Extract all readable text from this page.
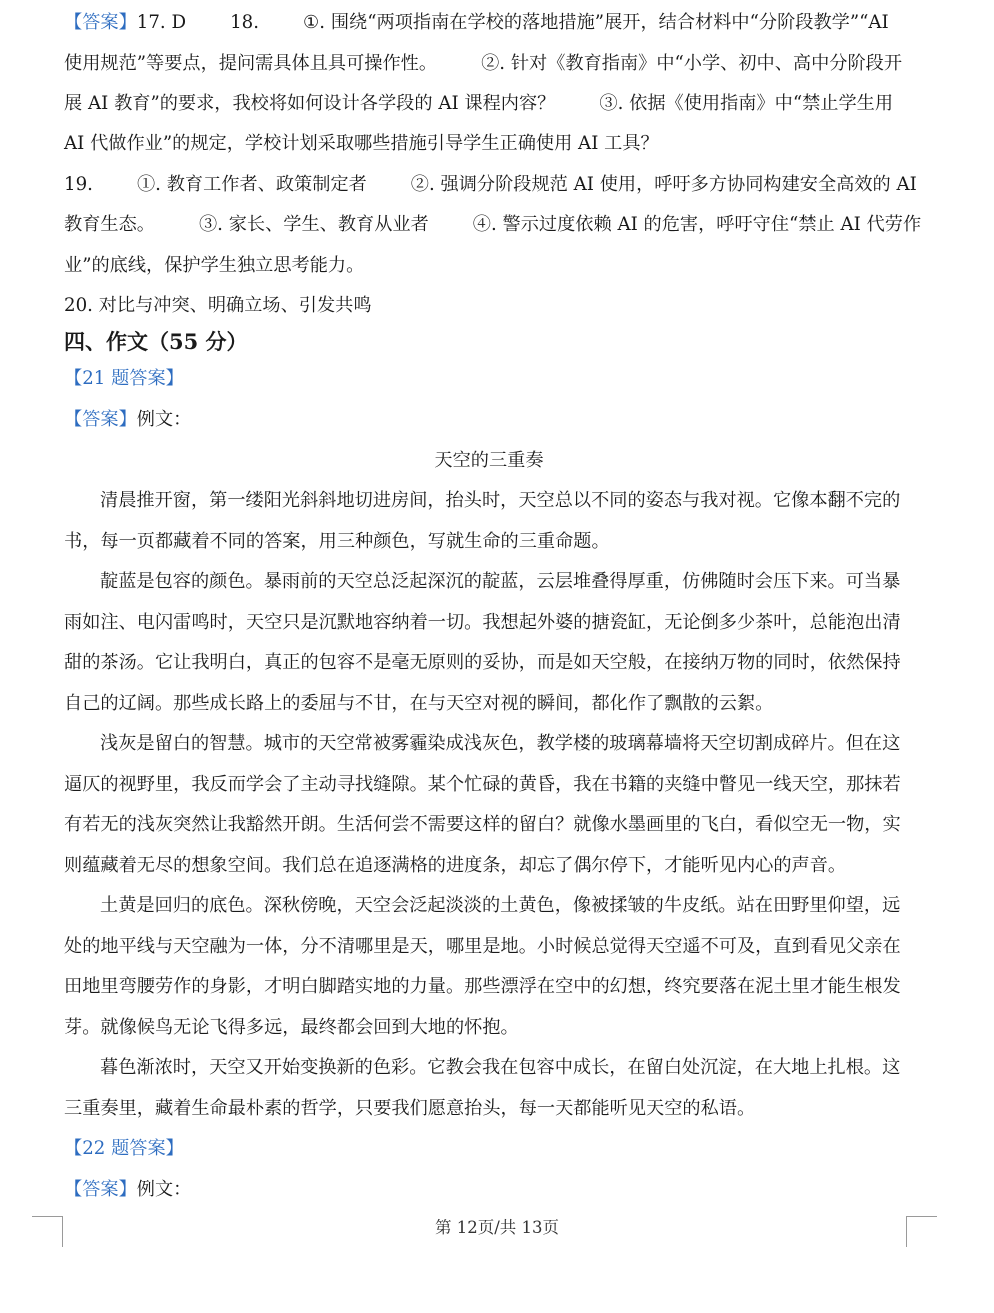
【答案】17. D 18. ①. 围绕“两项指南在学校的落地措施”展开，结合材料中“分阶段教学”“AI
使用规范”等要点，提问需具体且具可操作性。 ②. 针对《教育指南》中“小学、初中、高中分阶段开
展 AI 教育”的要求，我校将如何设计各学段的 AI 课程内容？ ③. 依据《使用指南》中“禁止学生用
AI 代做作业”的规定，学校计划采取哪些措施引导学生正确使用 AI 工具？
19. ①. 教育工作者、政策制定者 ②. 强调分阶段规范 AI 使用，呼吁多方协同构建安全高效的 AI
教育生态。 ③. 家长、学生、教育从业者 ④. 警示过度依赖 AI 的危害，呼吁守住“禁止 AI 代劳作
业”的底线，保护学生独立思考能力。
20. 对比与冲突、明确立场、引发共鸣
四、作文（55 分）
【21 题答案】
【答案】例文：
天空的三重奏
清晨推开窗，第一缕阳光斜斜地切进房间，抬头时，天空总以不同的姿态与我对视。它像本翻不完的
书，每一页都藏着不同的答案，用三种颜色，写就生命的三重命题。
靛蓝是包容的颜色。暴雨前的天空总泛起深沉的靛蓝，云层堆叠得厚重，仿佛随时会压下来。可当暴
雨如注、电闪雷鸣时，天空只是沉默地容纳着一切。我想起外婆的搪瓷缸，无论倒多少茶叶，总能泡出清
甜的茶汤。它让我明白，真正的包容不是毫无原则的妥协，而是如天空般，在接纳万物的同时，依然保持
自己的辽阔。那些成长路上的委屈与不甘，在与天空对视的瞬间，都化作了飘散的云絮。
浅灰是留白的智慧。城市的天空常被雾霾染成浅灰色，教学楼的玻璃幕墙将天空切割成碎片。但在这
逼仄的视野里，我反而学会了主动寻找缝隙。某个忙碌的黄昏，我在书籍的夹缝中瞥见一线天空，那抹若
有若无的浅灰突然让我豁然开朗。生活何尝不需要这样的留白？就像水墨画里的飞白，看似空无一物，实
则蕴藏着无尽的想象空间。我们总在追逐满格的进度条，却忘了偶尔停下，才能听见内心的声音。
土黄是回归的底色。深秋傍晚，天空会泛起淡淡的土黄色，像被揉皱的牛皮纸。站在田野里仰望，远
处的地平线与天空融为一体，分不清哪里是天，哪里是地。小时候总觉得天空遥不可及，直到看见父亲在
田地里弯腰劳作的身影，才明白脚踏实地的力量。那些漂浮在空中的幻想，终究要落在泥土里才能生根发
芽。就像候鸟无论飞得多远，最终都会回到大地的怀抱。
暮色渐浓时，天空又开始变换新的色彩。它教会我在包容中成长，在留白处沉淀，在大地上扎根。这
三重奏里，藏着生命最朴素的哲学，只要我们愿意抬头，每一天都能听见天空的私语。
【22 题答案】
【答案】例文：
第 12页/共 13页
